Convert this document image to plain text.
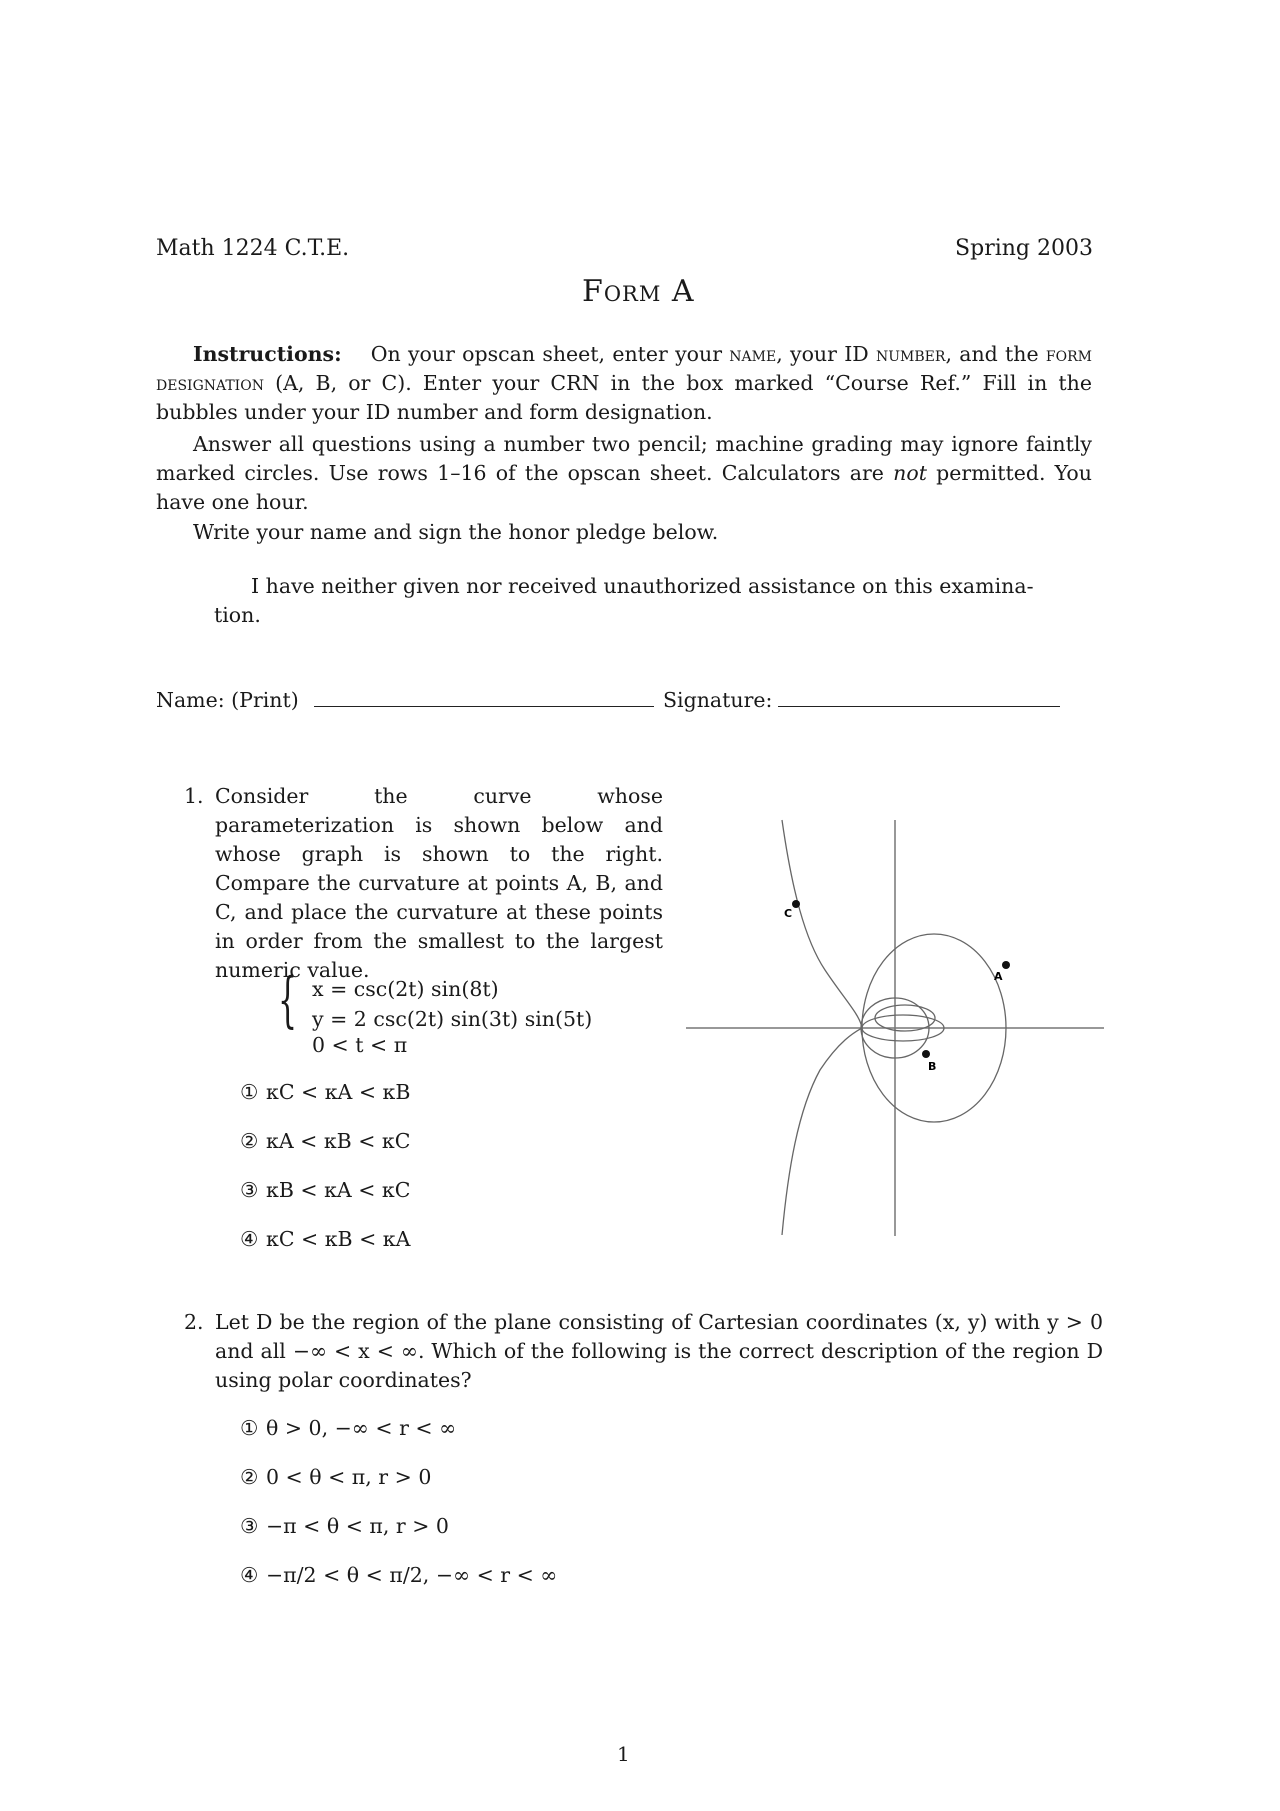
Math 1224 C.T.E.	Spring 2003
Form A
Instructions: On your opscan sheet, enter your name, your ID number, and the form designation (A, B, or C). Enter your CRN in the box marked “Course Ref.” Fill in the bubbles under your ID number and form designation.
Answer all questions using a number two pencil; machine grading may ignore faintly marked circles. Use rows 1–16 of the opscan sheet. Calculators are not permitted. You have one hour.
Write your name and sign the honor pledge below.
I have neither given nor received unauthorized assistance on this examina- tion.
Name: (Print)	Signature:
1. Consider the curve whose parameterization is shown below and whose graph is shown to the right. Compare the curvature at points A, B, and C, and place the curvature at these points in order from the smallest to the largest numeric value.
{ x = csc(2t) sin(8t)
y = 2 csc(2t) sin(3t) sin(5t)
0 < t < π
① κC < κA < κB
② κA < κB < κC
③ κB < κA < κC
④ κC < κB < κA
C
A
B
2. Let D be the region of the plane consisting of Cartesian coordinates (x, y) with y > 0 and all −∞ < x < ∞. Which of the following is the correct description of the region D using polar coordinates?
① θ > 0, −∞ < r < ∞
② 0 < θ < π, r > 0
③ −π < θ < π, r > 0
④ −π/2 < θ < π/2, −∞ < r < ∞
1
